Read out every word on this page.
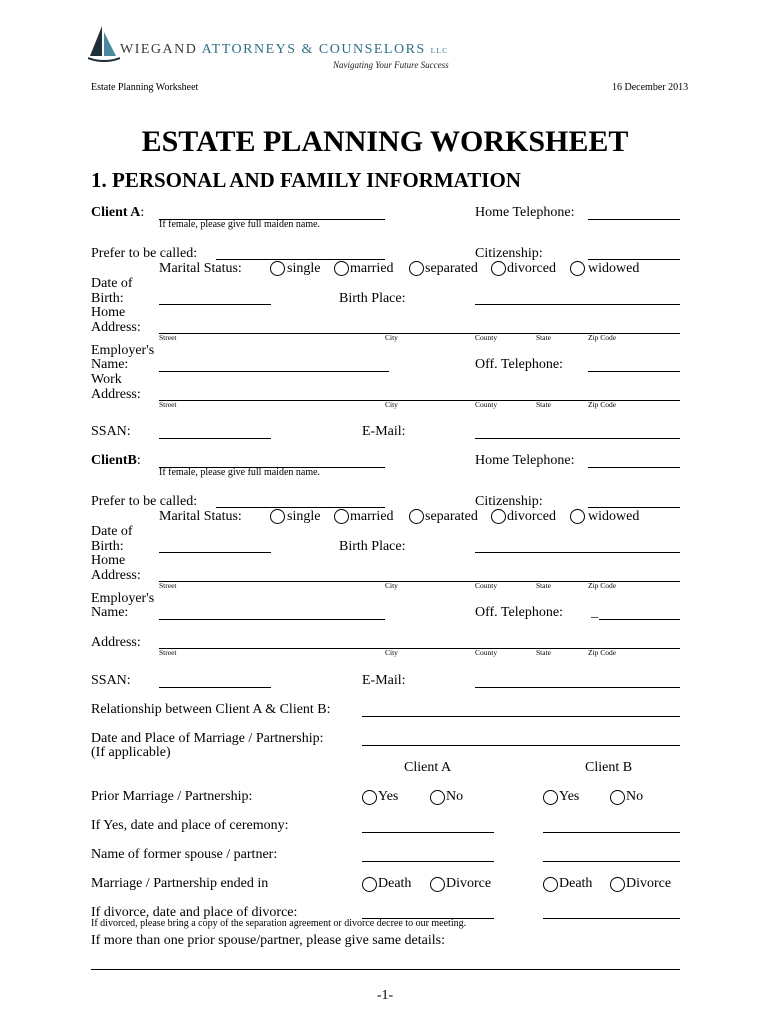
WIEGAND ATTORNEYS & COUNSELORS LLC
Navigating Your Future Success
Estate Planning Worksheet	16 December 2013
ESTATE PLANNING WORKSHEET
1. PERSONAL AND FAMILY INFORMATION
Client A:
If female, please give full maiden name.
Home Telephone:
Prefer to be called:	Citizenship:
Marital Status:	single married separated divorced widowed
Date of
Birth:	Birth Place:
Home
Address:
Street	City	County	State	Zip Code
Employer's
Name:	Off. Telephone:
Work
Address:
Street	City	County	State	Zip Code
SSAN:	E-Mail:
ClientB:
If female, please give full maiden name.
Home Telephone:
Prefer to be called:	Citizenship:
Marital Status:	single married separated divorced widowed
Date of
Birth:	Birth Place:
Home
Address:
Street	City	County	State	Zip Code
Employer's
Name:	Off. Telephone: _
Address:
Street	City	County	State	Zip Code
SSAN:	E-Mail:
Relationship between Client A & Client B:
Date and Place of Marriage / Partnership:
(If applicable)
Client A	Client B
Prior Marriage / Partnership:	Yes	No	Yes	No
If Yes, date and place of ceremony:
Name of former spouse / partner:
Marriage / Partnership ended in	Death Divorce	Death Divorce
If divorce, date and place of divorce:
If divorced, please bring a copy of the separation agreement or divorce decree to our meeting.
If more than one prior spouse/partner, please give same details:
-1-
